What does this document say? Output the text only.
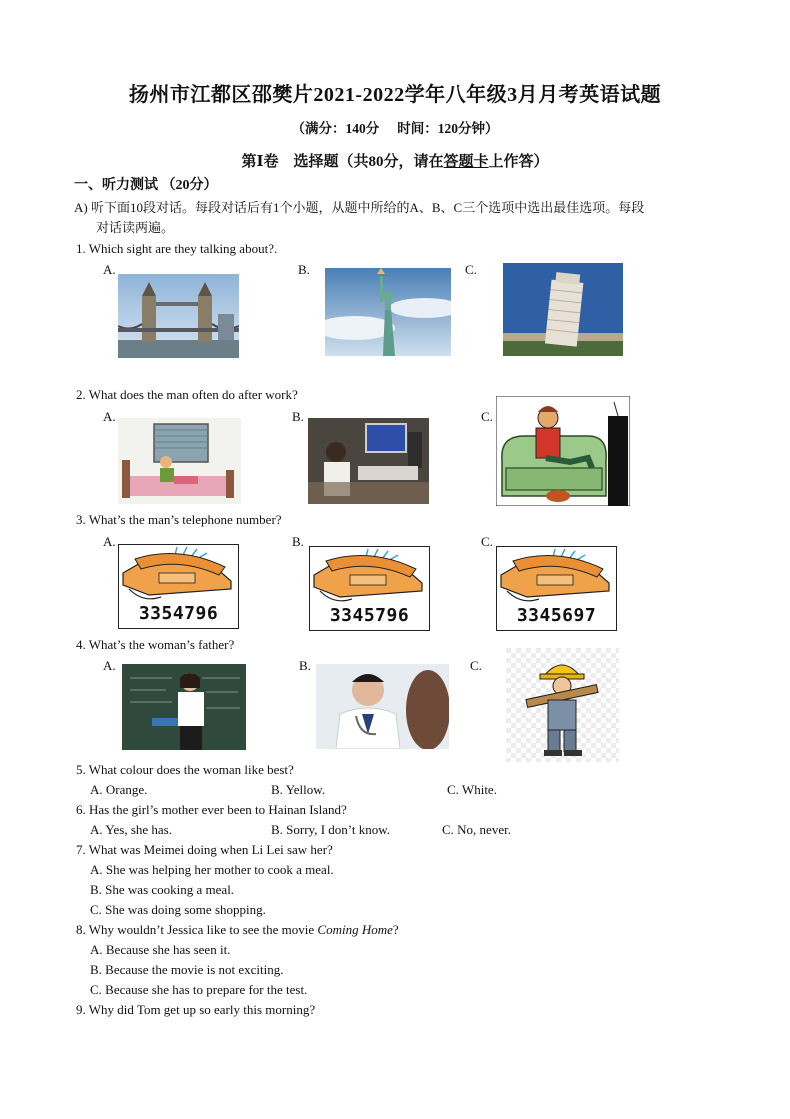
扬州市江都区邵樊片2021-2022学年八年级3月月考英语试题
（满分：140分 时间：120分钟）
第Ⅰ卷　选择题（共80分，请在答题卡上作答）
一、听力测试 （20分）
A) 听下面10段对话。每段对话后有1个小题，从题中所给的A、B、C三个选项中选出最佳选项。每段
对话读两遍。
1. Which sight are they talking about?.
A.	B.	C.
2. What does the man often do after work?
A.	B.	C.
3. What’s the man’s telephone number?
A.	B.	C.
3354796	3345796	3345697
4. What’s the woman’s father?
A.	B.	C.
5. What colour does the woman like best?
A. Orange.	B. Yellow.	C. White.
6. Has the girl’s mother ever been to Hainan Island?
A. Yes, she has.	B. Sorry, I don’t know.	C. No, never.
7. What was Meimei doing when Li Lei saw her?
A. She was helping her mother to cook a meal.
B. She was cooking a meal.
C. She was doing some shopping.
8. Why wouldn’t Jessica like to see the movie Coming Home?
A. Because she has seen it.
B. Because the movie is not exciting.
C. Because she has to prepare for the test.
9. Why did Tom get up so early this morning?
